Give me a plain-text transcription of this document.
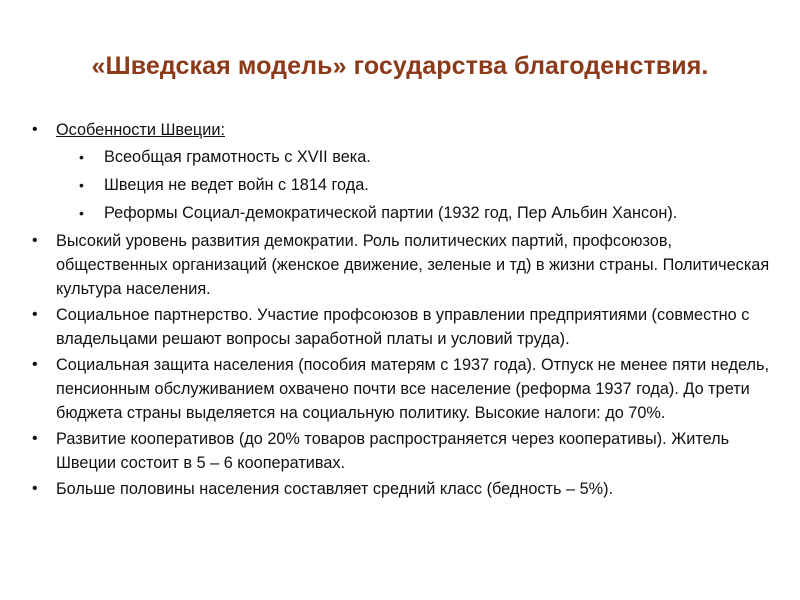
«Шведская модель» государства благоденствия.
• Особенности Швеции:
• Всеобщая грамотность с XVII века.
• Швеция не ведет войн с 1814 года.
• Реформы Социал-демократической партии (1932 год, Пер Альбин Хансон).
• Высокий уровень развития демократии. Роль политических партий, профсоюзов, общественных организаций (женское движение, зеленые и тд) в жизни страны. Политическая культура населения.
• Социальное партнерство. Участие профсоюзов в управлении предприятиями (совместно с владельцами решают вопросы заработной платы и условий труда).
• Социальная защита населения (пособия матерям с 1937 года). Отпуск не менее пяти недель, пенсионным обслуживанием охвачено почти все население (реформа 1937 года). До трети бюджета страны выделяется на социальную политику. Высокие налоги: до 70%.
• Развитие кооперативов (до 20% товаров распространяется через кооперативы). Житель Швеции состоит в 5 – 6 кооперативах.
• Больше половины населения составляет средний класс (бедность – 5%).
